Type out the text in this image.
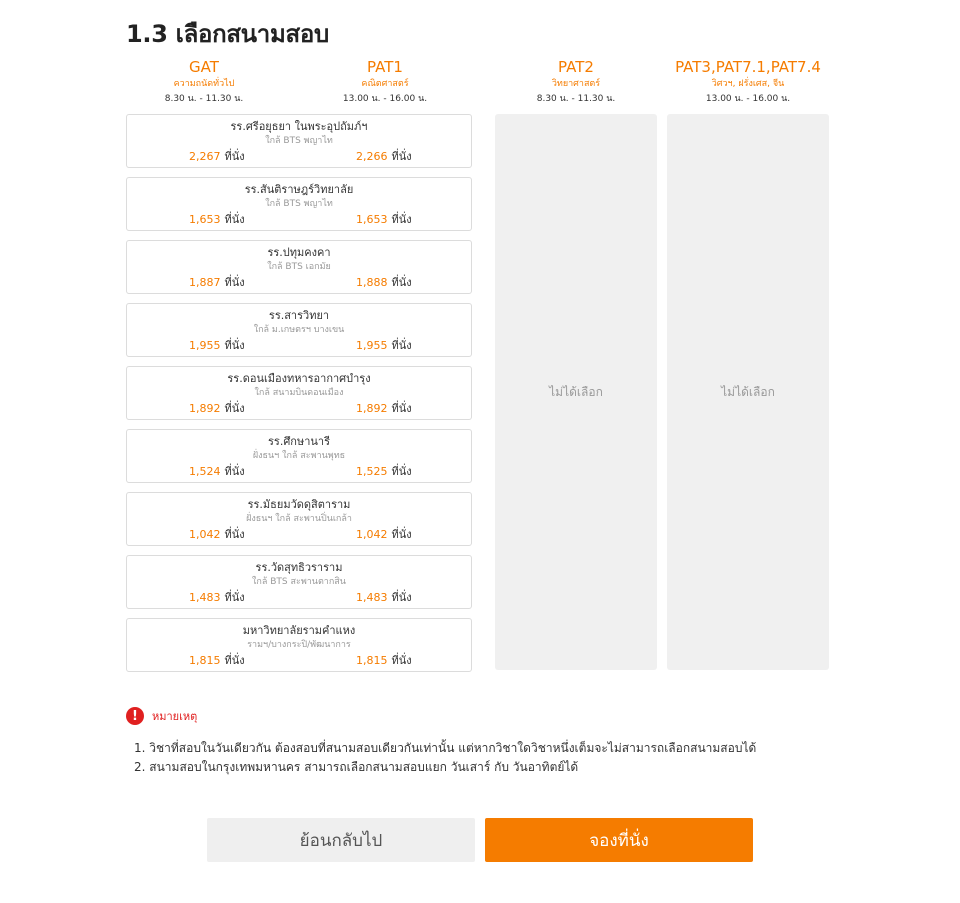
1.3 เลือกสนามสอบ
GAT
ความถนัดทั่วไป
8.30 น. - 11.30 น.
PAT1
คณิตศาสตร์
13.00 น. - 16.00 น.
PAT2
วิทยาศาสตร์
8.30 น. - 11.30 น.
PAT3,PAT7.1,PAT7.4
วิศวฯ, ฝรั่งเศส, จีน
13.00 น. - 16.00 น.
รร.ศรีอยุธยา ในพระอุปถัมภ์ฯ
ใกล้ BTS พญาไท
2,267 ที่นั่ง	2,266 ที่นั่ง
รร.สันติราษฎร์วิทยาลัย
ใกล้ BTS พญาไท
1,653 ที่นั่ง	1,653 ที่นั่ง
รร.ปทุมคงคา
ใกล้ BTS เอกมัย
1,887 ที่นั่ง	1,888 ที่นั่ง
รร.สารวิทยา
ใกล้ ม.เกษตรฯ บางเขน
1,955 ที่นั่ง	1,955 ที่นั่ง
รร.ดอนเมืองทหารอากาศบำรุง
ใกล้ สนามบินดอนเมือง
1,892 ที่นั่ง	1,892 ที่นั่ง
รร.ศึกษานารี
ฝั่งธนฯ ใกล้ สะพานพุทธ
1,524 ที่นั่ง	1,525 ที่นั่ง
รร.มัธยมวัดดุสิตาราม
ฝั่งธนฯ ใกล้ สะพานปิ่นเกล้า
1,042 ที่นั่ง	1,042 ที่นั่ง
รร.วัดสุทธิวราราม
ใกล้ BTS สะพานตากสิน
1,483 ที่นั่ง	1,483 ที่นั่ง
มหาวิทยาลัยรามคำแหง
รามฯ/บางกระปิ/พัฒนาการ
1,815 ที่นั่ง	1,815 ที่นั่ง
ไม่ได้เลือก	ไม่ได้เลือก
!	หมายเหตุ
1. วิชาที่สอบในวันเดียวกัน ต้องสอบที่สนามสอบเดียวกันเท่านั้น แต่หากวิชาใดวิชาหนึ่งเต็มจะไม่สามารถเลือกสนามสอบได้
2. สนามสอบในกรุงเทพมหานคร สามารถเลือกสนามสอบแยก วันเสาร์ กับ วันอาทิตย์ได้
ย้อนกลับไป	จองที่นั่ง
